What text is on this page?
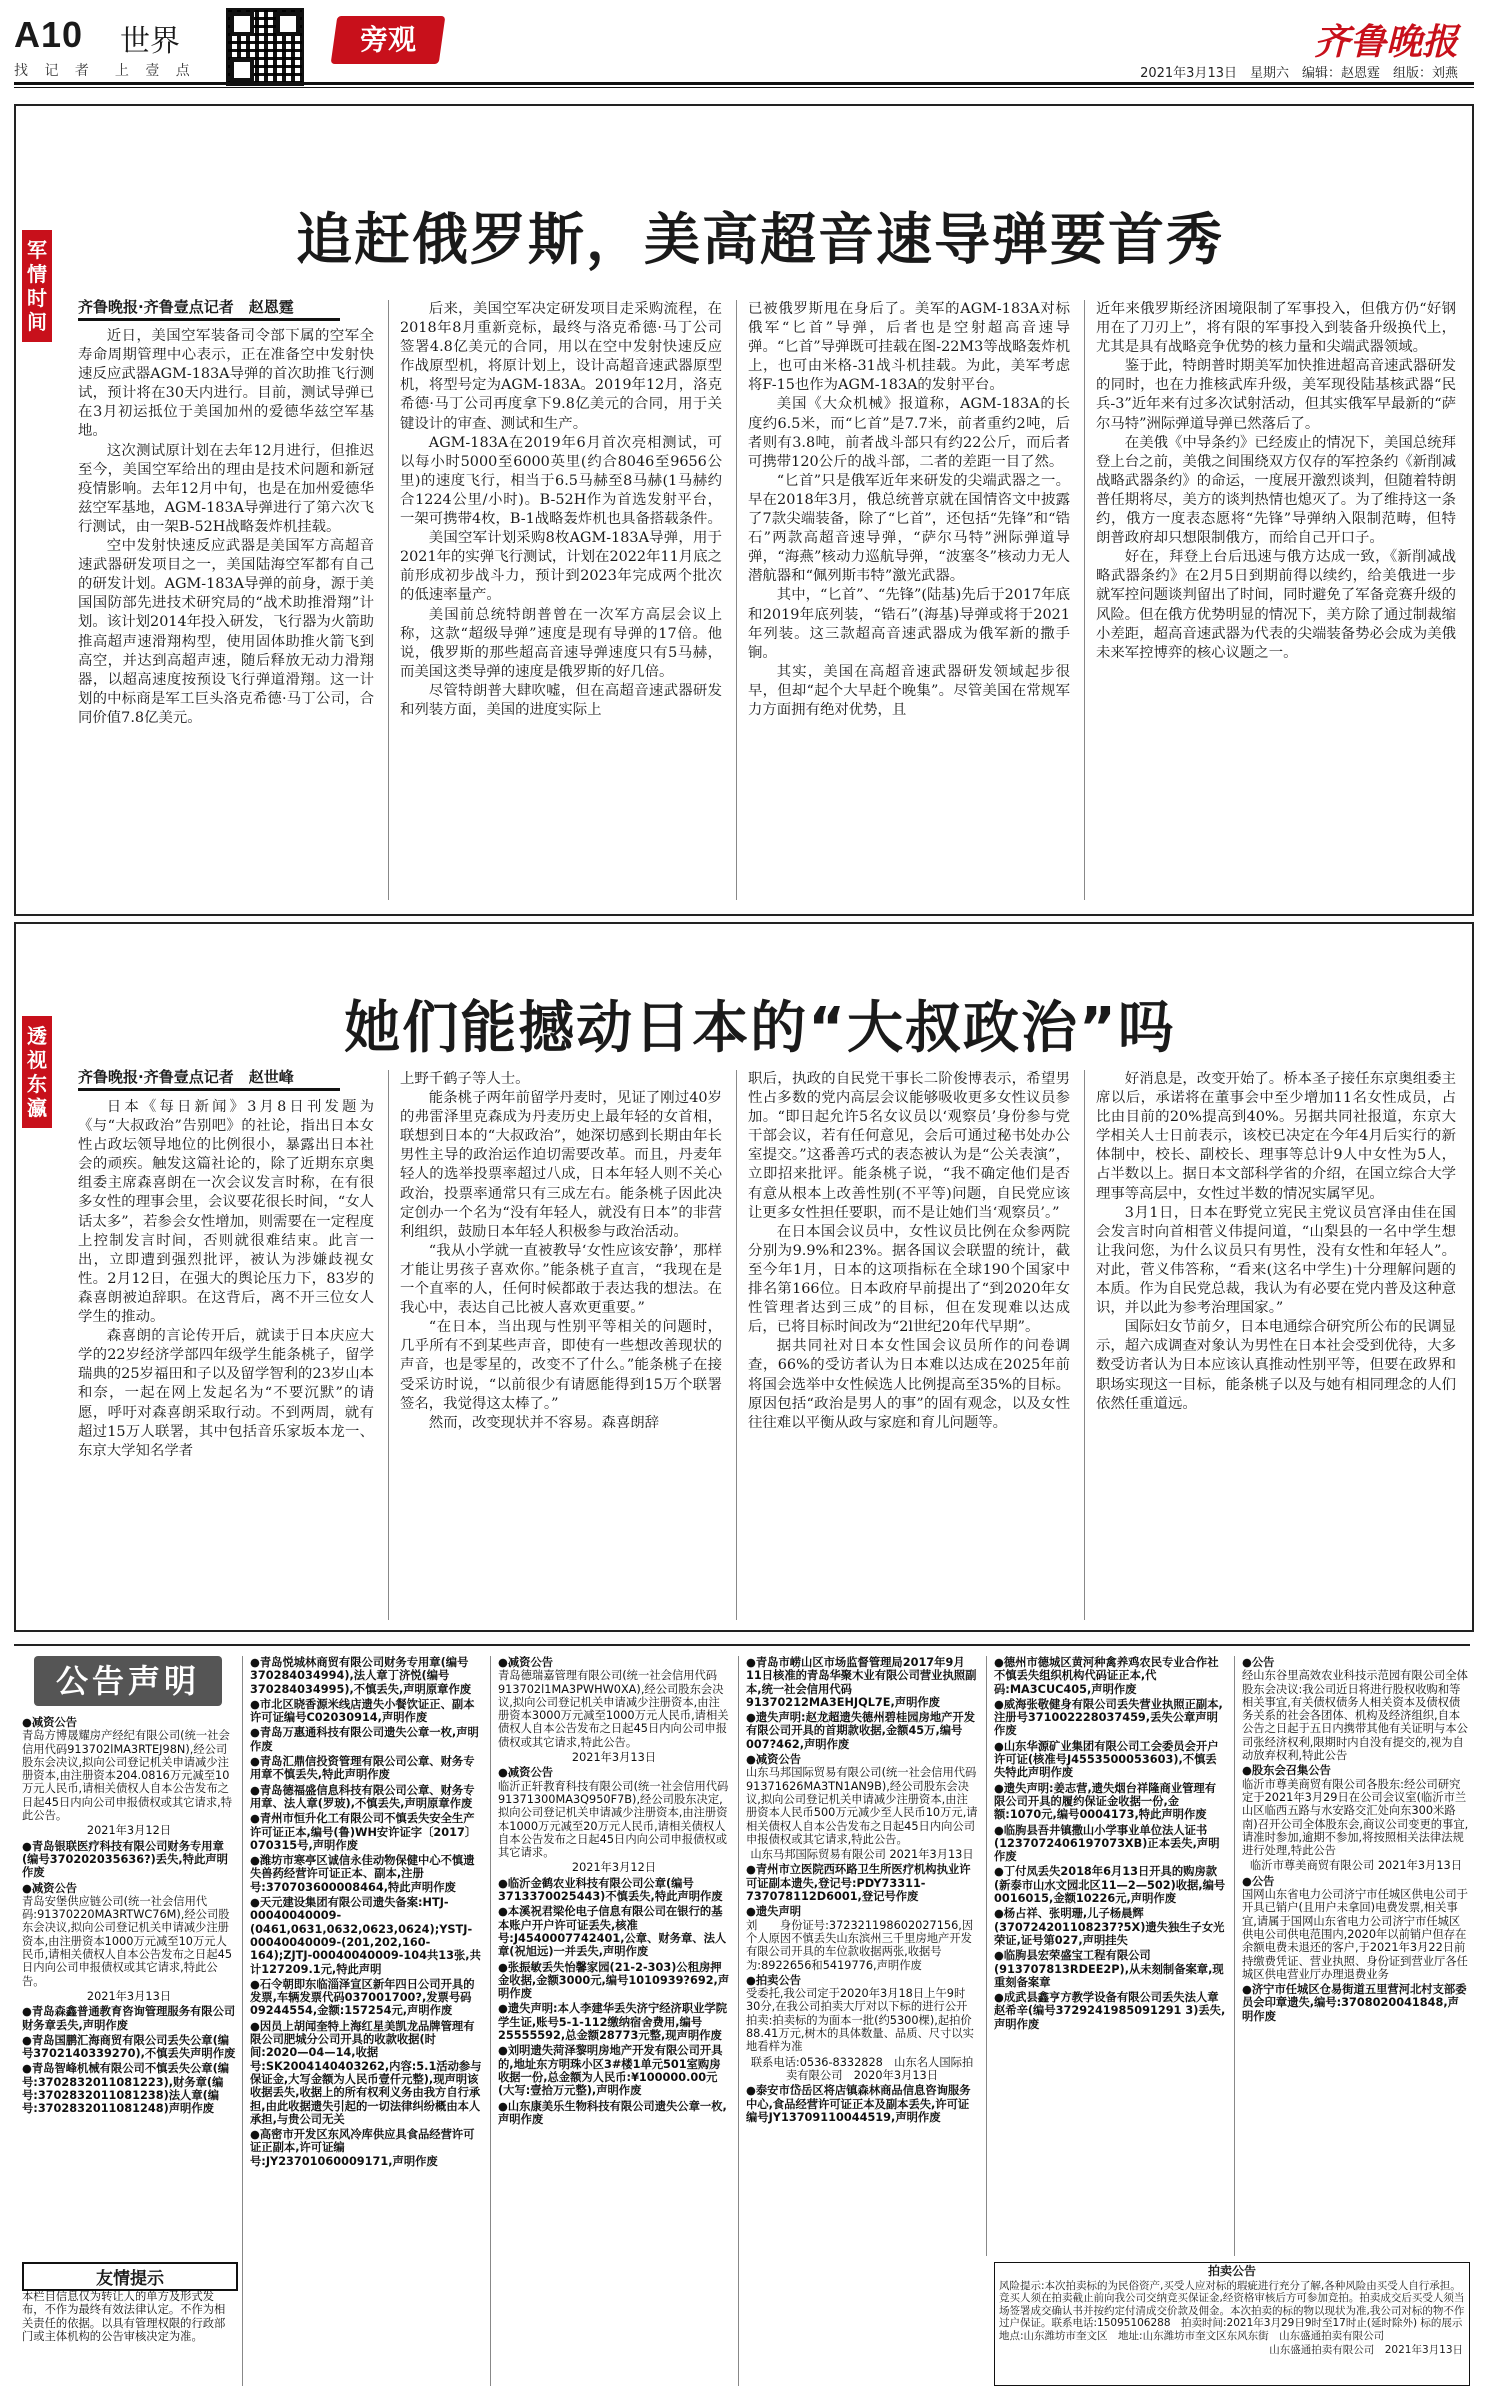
A10 世界
找 记 者　上 壹 点
旁观	齐鲁晚报
2021年3月13日　星期六　编辑：赵恩霆　组版：刘燕
军情时间
追赶俄罗斯，美高超音速导弹要首秀
齐鲁晚报·齐鲁壹点记者　赵恩霆

近日，美国空军装备司令部下属的空军全寿命周期管理中心表示，正在准备空中发射快速反应武器AGM-183A导弹的首次助推飞行测试，预计将在30天内进行。目前，测试导弹已在3月初运抵位于美国加州的爱德华兹空军基地。

这次测试原计划在去年12月进行，但推迟至今，美国空军给出的理由是技术问题和新冠疫情影响。去年12月中旬，也是在加州爱德华兹空军基地，AGM-183A导弹进行了第六次飞行测试，由一架B-52H战略轰炸机挂载。

空中发射快速反应武器是美国军方高超音速武器研发项目之一，美国陆海空军都有自己的研发计划。AGM-183A导弹的前身，源于美国国防部先进技术研究局的“战术助推滑翔”计划。该计划2014年投入研发，飞行器为火箭助推高超声速滑翔构型，使用固体助推火箭飞到高空，并达到高超声速，随后释放无动力滑翔器，以超高速度按预设飞行弹道滑翔。这一计划的中标商是军工巨头洛克希德·马丁公司，合同价值7.8亿美元。

后来，美国空军决定研发项目走采购流程，在2018年8月重新竞标，最终与洛克希德·马丁公司签署4.8亿美元的合同，用以在空中发射快速反应作战原型机，将原计划上，设计高超音速武器原型机，将型号定为AGM-183A。2019年12月，洛克希德·马丁公司再度拿下9.8亿美元的合同，用于关键设计的审查、测试和生产。

AGM-183A在2019年6月首次亮相测试，可以每小时5000至6000英里(约合8046至9656公里)的速度飞行，相当于6.5马赫至8马赫(1马赫约合1224公里/小时)。B-52H作为首选发射平台，一架可携带4枚，B-1战略轰炸机也具备搭载条件。

美国空军计划采购8枚AGM-183A导弹，用于2021年的实弹飞行测试，计划在2022年11月底之前形成初步战斗力，预计到2023年完成两个批次的低速率量产。

美国前总统特朗普曾在一次军方高层会议上称，这款“超级导弹”速度是现有导弹的17倍。他说，俄罗斯的那些超高音速导弹速度只有5马赫，而美国这类导弹的速度是俄罗斯的好几倍。

尽管特朗普大肆吹嘘，但在高超音速武器研发和列装方面，美国的进度实际上

已被俄罗斯甩在身后了。美军的AGM-183A对标俄军“匕首”导弹，后者也是空射超高音速导弹。“匕首”导弹既可挂载在图-22M3等战略轰炸机上，也可由米格-31战斗机挂载。为此，美军考虑将F-15也作为AGM-183A的发射平台。

美国《大众机械》报道称，AGM-183A的长度约6.5米，而“匕首”是7.7米，前者重约2吨，后者则有3.8吨，前者战斗部只有约22公斤，而后者可携带120公斤的战斗部，二者的差距一目了然。

“匕首”只是俄军近年来研发的尖端武器之一。早在2018年3月，俄总统普京就在国情咨文中披露了7款尖端装备，除了“匕首”，还包括“先锋”和“锆石”两款高超音速导弹，“萨尔马特”洲际弹道导弹，“海燕”核动力巡航导弹，“波塞冬”核动力无人潜航器和“佩列斯韦特”激光武器。

其中，“匕首”、“先锋”(陆基)先后于2017年底和2019年底列装，“锆石”(海基)导弹或将于2021年列装。这三款超高音速武器成为俄军新的撒手锏。

其实，美国在高超音速武器研发领域起步很早，但却“起个大早赶个晚集”。尽管美国在常规军力方面拥有绝对优势，且

近年来俄罗斯经济困境限制了军事投入，但俄方仍“好钢用在了刀刃上”，将有限的军事投入到装备升级换代上，尤其是具有战略竞争优势的核力量和尖端武器领域。

鉴于此，特朗普时期美军加快推进超高音速武器研发的同时，也在力推核武库升级，美军现役陆基核武器“民兵-3”近年来有过多次试射活动，但其实俄军早最新的“萨尔马特”洲际弹道导弹已然落后了。

在美俄《中导条约》已经废止的情况下，美国总统拜登上台之前，美俄之间围绕双方仅存的军控条约《新削减战略武器条约》的命运，一度展开激烈谈判，但随着特朗普任期将尽，美方的谈判热情也熄灭了。为了维持这一条约，俄方一度表态愿将“先锋”导弹纳入限制范畴，但特朗普政府却只想限制俄方，而给自己开口子。

好在，拜登上台后迅速与俄方达成一致，《新削减战略武器条约》在2月5日到期前得以续约，给美俄进一步就军控问题谈判留出了时间，同时避免了军备竞赛升级的风险。但在俄方优势明显的情况下，美方除了通过制裁缩小差距，超高音速武器为代表的尖端装备势必会成为美俄未来军控博弈的核心议题之一。

透视东瀛
她们能撼动日本的“大叔政治”吗
齐鲁晚报·齐鲁壹点记者　赵世峰

日本《每日新闻》3月8日刊发题为《与“大叔政治”告别吧》的社论，指出日本女性占政坛领导地位的比例很小，暴露出日本社会的顽疾。触发这篇社论的，除了近期东京奥组委主席森喜朗在一次会议发言时称，在有很多女性的理事会里，会议要花很长时间，“女人话太多”，若参会女性增加，则需要在一定程度上控制发言时间，否则就很难结束。此言一出，立即遭到强烈批评，被认为涉嫌歧视女性。2月12日，在强大的舆论压力下，83岁的森喜朗被迫辞职。在这背后，离不开三位女人学生的推动。

森喜朗的言论传开后，就读于日本庆应大学的22岁经济学部四年级学生能条桃子，留学瑞典的25岁福田和子以及留学智利的23岁山本和奈，一起在网上发起名为“不要沉默”的请愿，呼吁对森喜朗采取行动。不到两周，就有超过15万人联署，其中包括音乐家坂本龙一、东京大学知名学者

上野千鹤子等人士。

能条桃子两年前留学丹麦时，见证了刚过40岁的弗雷泽里克森成为丹麦历史上最年轻的女首相，联想到日本的“大叔政治”，她深切感到长期由年长男性主导的政治运作迫切需要改革。而且，丹麦年轻人的选举投票率超过八成，日本年轻人则不关心政治，投票率通常只有三成左右。能条桃子因此决定创办一个名为“没有年轻人，就没有日本”的非营利组织，鼓励日本年轻人积极参与政治活动。

“我从小学就一直被教导‘女性应该安静’，那样才能让男孩子喜欢你。”能条桃子直言，“我现在是一个直率的人，任何时候都敢于表达我的想法。在我心中，表达自己比被人喜欢更重要。”

“在日本，当出现与性别平等相关的问题时，几乎所有不到某些声音，即使有一些想改善现状的声音，也是零星的，改变不了什么。”能条桃子在接受采访时说，“以前很少有请愿能得到15万个联署签名，我觉得这太棒了。”

然而，改变现状并不容易。森喜朗辞

职后，执政的自民党干事长二阶俊博表示，希望男性占多数的党内高层会议能够吸收更多女性议员参加。“即日起允许5名女议员以‘观察员’身份参与党干部会议，若有任何意见，会后可通过秘书处办公室提交。”这番善巧式的表态被认为是“公关表演”，立即招来批评。能条桃子说，“我不确定他们是否有意从根本上改善性别(不平等)问题，自民党应该让更多女性担任要职，而不是让她们当‘观察员’。”

在日本国会议员中，女性议员比例在众参两院分别为9.9%和23%。据各国议会联盟的统计，截至今年1月，日本的这项指标在全球190个国家中排名第166位。日本政府早前提出了“到2020年女性管理者达到三成”的目标，但在发现难以达成后，已将目标时间改为“2l世纪20年代早期”。

据共同社对日本女性国会议员所作的问卷调查，66%的受访者认为日本难以达成在2025年前将国会选举中女性候选人比例提高至35%的目标。原因包括“政治是男人的事”的固有观念，以及女性往往难以平衡从政与家庭和育儿问题等。

好消息是，改变开始了。桥本圣子接任东京奥组委主席以后，承诺将在董事会中至少增加11名女性成员，占比由目前的20%提高到40%。另据共同社报道，东京大学相关人士日前表示，该校已决定在今年4月后实行的新体制中，校长、副校长、理事等总计9人中女性为5人，占半数以上。据日本文部科学省的介绍，在国立综合大学理事等高层中，女性过半数的情况实属罕见。

3月1日，日本在野党立宪民主党议员宫泽由佳在国会发言时向首相菅义伟提问道，“山梨县的一名中学生想让我问您，为什么议员只有男性，没有女性和年轻人”。对此，菅义伟答称，“看来(这名中学生)十分理解问题的本质。作为自民党总裁，我认为有必要在党内普及这种意识，并以此为参考治理国家。”

国际妇女节前夕，日本电通综合研究所公布的民调显示，超六成调查对象认为男性在日本社会受到优待，大多数受访者认为日本应该认真推动性别平等，但要在政界和职场实现这一目标，能条桃子以及与她有相同理念的人们依然任重道远。

公告声明
●减资公告
青岛方博晟耀房产经纪有限公司(统一社会信用代码913702lMA3RTEJ98N),经公司股东会决议,拟向公司登记机关申请减少注册资本,由注册资本204.0816万元减至10万元人民币,请相关债权人自本公告发布之日起45日内向公司申报债权或其它请求,特此公告。
2021年3月12日
●青岛银联医疗科技有限公司财务专用章(编号370202035636?)丢失,特此声明作废
●减资公告
青岛安堡供应链公司(统一社会信用代码:91370220MA3RTWC76M),经公司股东会决议,拟向公司登记机关申请减少注册资本,由注册资本1000万元减至10万元人民币,请相关债权人自本公告发布之日起45日内向公司申报债权或其它请求,特此公告。
2021年3月13日
●青岛森鑫普通教育咨询管理服务有限公司财务章丢失,声明作废
●青岛国鹏汇海商贸有限公司丢失公章(编号3702140339270),不慎丢失声明作废
●青岛智峰机械有限公司不慎丢失公章(编号:3702832011081223),财务章(编号:3702832011081238)法人章(编号:3702832011081248)声明作废
友情提示
本栏目信息仅为转让人的单方及形式发布，不作为最终有效法律认定。不作为相关责任的依据。以具有管理权限的行政部门或主体机构的公告审核决定为准。
●青岛悦城林商贸有限公司财务专用章(编号370284034994),法人章丁济悦(编号370284034995),不慎丢失,声明原章作废
●市北区晓香源米线店遗失小餐饮证正、副本许可证编号C02030914,声明作废
●青岛万惠通科技有限公司遗失公章一枚,声明作废
●青岛汇鼎信投资管理有限公司公章、财务专用章不慎丢失,特此声明作废
●青岛德福盛信息科技有限公司公章、财务专用章、法人章(罗玻),不慎丢失,声明原章作废
●青州市恒升化工有限公司不慎丢失安全生产许可证正本,编号(鲁)WH安许证字〔2017〕070315号,声明作废
●潍坊市寒亭区诚信永佳动物保健中心不慎遗失兽药经营许可证正本、副本,注册号:370703600008464,特此声明作废
●天元建设集团有限公司遗失备案:HTJ-00040040009-(0461,0631,0632,0623,0624);YSTJ-00040040009-(201,202,160-164);ZJTJ-00040040009-104共13张,共计127209.1元,特此声明
●石令朝即东临淄泽宣区新年四日公司开具的发票,车辆发票代码037001700?,发票号码09244554,金额:157254元,声明作废
●因员上胡闻奎特上海红星美凯龙品牌管理有限公司肥城分公司开具的收款收据(时间:2020—04—14,收据号:SK2004140403262,内容:5.1活动参与保证金,大写金额为人民币壹仟元整),现声明该收据丢失,收据上的所有权利义务由我方自行承担,由此收据遗失引起的一切法律纠纷概由本人承担,与贵公司无关
●高密市开发区东风冷库供应具食品经营许可证正副本,许可证编号:JY23701060009171,声明作废
●减资公告
青岛德瑞嘉管理有限公司(统一社会信用代码913702l1MA3PWHW0XA),经公司股东会决议,拟向公司登记机关申请减少注册资本,由注册资本3000万元减至1000万元人民币,请相关债权人自本公告发布之日起45日内向公司申报债权或其它请求,特此公告。
2021年3月13日
●减资公告
临沂正轩教育科技有限公司(统一社会信用代码91371300MA3Q950F7B),经公司股东决定,拟向公司登记机关申请减少注册资本,由注册资本1000万元减至20万元人民币,请相关债权人自本公告发布之日起45日内向公司申报债权或其它请求。
2021年3月12日
●临沂金鹤农业科技有限公司公章(编号3713370025443)不慎丢失,特此声明作废
●本溪祝君梁伦电子信息有限公司在银行的基本账户开户许可证丢失,核准号:J4540007742401,公章、财务章、法人章(祝旭远)一并丢失,声明作废
●张振敏丢失怡馨家园(21-2-303)公租房押金收据,金额3000元,编号1010939?692,声明作废
●遗失声明:本人李建华丢失济宁经济职业学院学生证,账号5-1-112缴纳宿舍费用,编号25555592,总金额28773元整,现声明作废
●刘明遗失菏泽黎明房地产开发有限公司开具的,地址东方明珠小区3#楼1单元501室购房收据一份,总金额为人民币:¥100000.00元(大写:壹拾万元整),声明作废
●山东康美乐生物科技有限公司遗失公章一枚,声明作废
●青岛市崂山区市场监督管理局2017年9月11日核准的青岛华聚木业有限公司营业执照副本,统一社会信用代码91370212MA3EHJQL7E,声明作废
●遗失声明:赵龙超遗失德州碧桂园房地产开发有限公司开具的首期款收据,金额45万,编号007?462,声明作废
●减资公告
山东马邦国际贸易有限公司(统一社会信用代码91371626MA3TN1AN9B),经公司股东会决议,拟向公司登记机关申请减少注册资本,由注册资本人民币500万元减少至人民币10万元,请相关债权人自本公告发布之日起45日内向公司申报债权或其它请求,特此公告。
山东马邦国际贸易有限公司 2021年3月13日
●青州市立医院西环路卫生所医疗机构执业许可证副本遗失,登记号:PDY73311-737078112D6001,登记号作废
●遗失声明
刘　　身份证号:372321198602027156,因个人原因不慎丢失山东滨州三千里房地产开发有限公司开具的车位款收据两张,收据号为:8922656和5419776,声明作废
●拍卖公告
受委托,我公司定于2020年3月18日上午9时30分,在我公司拍卖大厅对以下标的进行公开拍卖:拍卖标的为面本一批(约5300棵),起拍价88.41万元,树木的具体数量、品质、尺寸以实地看样为准
联系电话:0536-8332828　山东名人国际拍卖有限公司　2020年3月13日
●泰安市岱岳区将店镇森林商品信息咨询服务中心,食品经营许可证正本及副本丢失,许可证编号JY13709110044519,声明作废
●德州市德城区黄河种禽养鸡农民专业合作社不慎丢失组织机构代码证正本,代码:MA3CUC405,声明作废
●威海张敬健身有限公司丢失营业执照正副本,注册号371002228037459,丢失公章声明作废
●山东华源矿业集团有限公司工会委员会开户许可证(核准号J4553500053603),不慎丢失特此声明作废
●遗失声明:姜志营,遗失烟台祥隆商业管理有限公司开具的履约保证金收据一份,金额:1070元,编号0004173,特此声明作废
●临朐县吾井镇撒山小学事业单位法人证书(1237072406197073XB)正本丢失,声明作废
●丁付凤丢失2018年6月13日开具的购房款(新泰市山水文园北区11—2—502)收据,编号0016015,金额10226元,声明作废
●杨占祥、张明珊,儿子杨晨辉(370724201108237?5X)遗失独生子女光荣证,证号第027,声明挂失
●临朐县宏荣盛宝工程有限公司(913707813RDEE2P),从未刻制备案章,现重刻备案章
●成武县鑫亨方教学设备有限公司丢失法人章赵希辛(编号3729241985091291 3)丢失,声明作废
●公告
经山东谷里高效农业科技示范园有限公司全体股东会决议:我公司近日将进行股权收购和等相关事宜,有关债权债务人相关资本及债权债务关系的社会各团体、机构及经济组织,自本公告之日起于五日内携带其他有关证明与本公司张经济权利,限期时内自没有提交的,视为自动放弃权利,特此公告
●股东会召集公告
临沂市尊美商贸有限公司各股东:经公司研究定于2021年3月29日在公司会议室(临沂市兰山区临西五路与水安路交汇处向东300米路南)召开公司全体股东会,商议公司变更的事宜,请准时参加,逾期不参加,将按照相关法律法规进行处理,特此公告
临沂市尊美商贸有限公司 2021年3月13日
●公告
国网山东省电力公司济宁市任城区供电公司于开具已销户(且用户未拿回)电费发票,相关事宜,请属于国网山东省电力公司济宁市任城区供电公司供电范围内,2020年以前销户但存在余额电费未退还的客户,于2021年3月22日前持缴费凭证、营业执照、身份证到营业厅各任城区供电营业厅办理退费业务
●济宁市任城区仓易街道五里营河北村支部委员会印章遗失,编号:3708020041848,声明作废
拍卖公告
风险提示:本次拍卖标的为民俗资产,买受人应对标的瑕疵进行充分了解,各种风险由买受人自行承担。竞买人须在拍卖截止前向我公司交纳竞买保证金,经资格审核后方可参加竞拍。拍卖成交后买受人须当场签署成交确认书并按约定付清成交价款及佣金。本次拍卖的标的物以现状为准,我公司对标的物不作过户保证。联系电话:15095106288　拍卖时间:2021年3月29日9时至17时止(延时除外) 标的展示地点:山东潍坊市奎文区　地址:山东潍坊市奎文区东风东街　山东盛通拍卖有限公司
山东盛通拍卖有限公司　2021年3月13日
